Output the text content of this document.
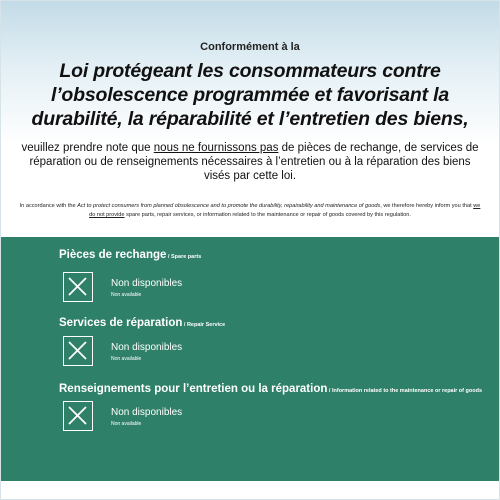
Conformément à la
Loi protégeant les consommateurs contre l’obsolescence programmée et favorisant la durabilité, la réparabilité et l’entretien des biens,
veuillez prendre note que nous ne fournissons pas de pièces de rechange, de services de réparation ou de renseignements nécessaires à l’entretien ou à la réparation des biens visés par cette loi.
In accordance with the Act to protect consumers from planned obsolescence and to promote the durability, repairability and maintenance of goods, we therefore hereby inform you that we do not provide spare parts, repair services, or information related to the maintenance or repair of goods covered by this regulation.
Pièces de rechange / Spare parts
Non disponibles
Non available
Services de réparation / Repair Service
Non disponibles
Non available
Renseignements pour l’entretien ou la réparation / Information related to the maintenance or repair of goods
Non disponibles
Non available
Plus de détails à IGA.net More information on IGA.net
